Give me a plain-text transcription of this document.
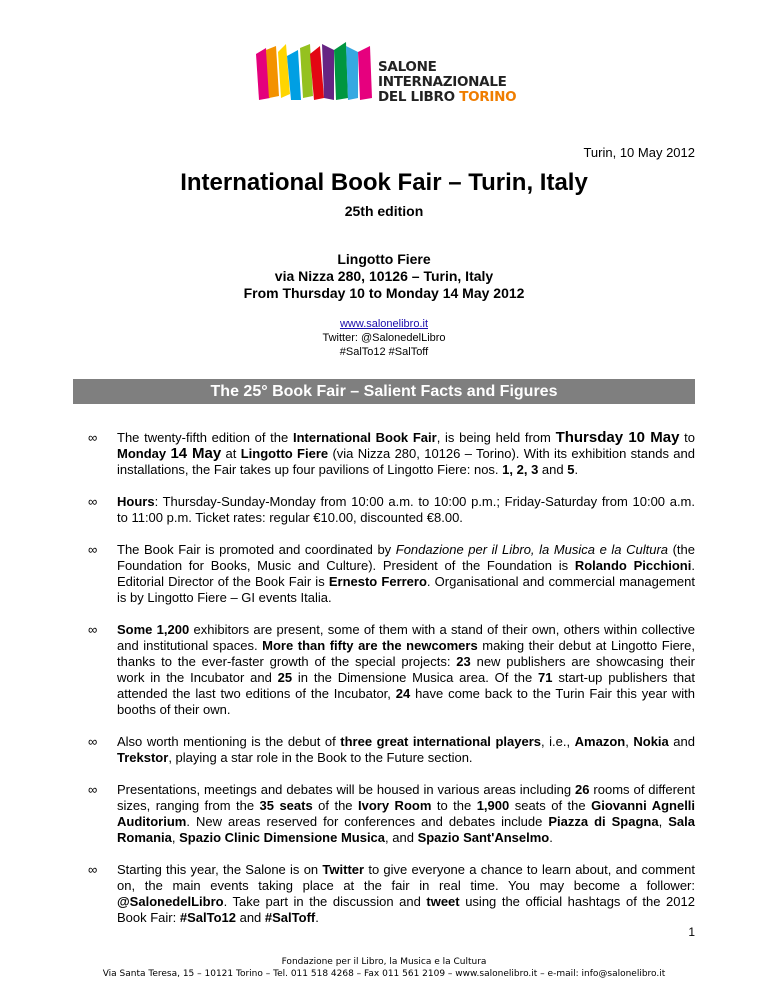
SALONE
INTERNAZIONALE
DEL LIBRO TORINO
Turin, 10 May 2012
International Book Fair – Turin, Italy
25th edition
Lingotto Fiere
via Nizza 280, 10126 – Turin, Italy
From Thursday 10 to Monday 14 May 2012
www.salonelibro.it
Twitter: @SalonedelLibro
#SalTo12 #SalToff
The 25° Book Fair – Salient Facts and Figures
∞ The twenty-fifth edition of the International Book Fair, is being held from Thursday 10 May to Monday 14 May at Lingotto Fiere (via Nizza 280, 10126 – Torino). With its exhibition stands and installations, the Fair takes up four pavilions of Lingotto Fiere: nos. 1, 2, 3 and 5.
∞ Hours: Thursday-Sunday-Monday from 10:00 a.m. to 10:00 p.m.; Friday-Saturday from 10:00 a.m. to 11:00 p.m. Ticket rates: regular €10.00, discounted €8.00.
∞ The Book Fair is promoted and coordinated by Fondazione per il Libro, la Musica e la Cultura (the Foundation for Books, Music and Culture). President of the Foundation is Rolando Picchioni. Editorial Director of the Book Fair is Ernesto Ferrero. Organisational and commercial management is by Lingotto Fiere – GI events Italia.
∞ Some 1,200 exhibitors are present, some of them with a stand of their own, others within collective and institutional spaces. More than fifty are the newcomers making their debut at Lingotto Fiere, thanks to the ever-faster growth of the special projects: 23 new publishers are showcasing their work in the Incubator and 25 in the Dimensione Musica area. Of the 71 start-up publishers that attended the last two editions of the Incubator, 24 have come back to the Turin Fair this year with booths of their own.
∞ Also worth mentioning is the debut of three great international players, i.e., Amazon, Nokia and Trekstor, playing a star role in the Book to the Future section.
∞ Presentations, meetings and debates will be housed in various areas including 26 rooms of different sizes, ranging from the 35 seats of the Ivory Room to the 1,900 seats of the Giovanni Agnelli Auditorium. New areas reserved for conferences and debates include Piazza di Spagna, Sala Romania, Spazio Clinic Dimensione Musica, and Spazio Sant'Anselmo.
∞ Starting this year, the Salone is on Twitter to give everyone a chance to learn about, and comment on, the main events taking place at the fair in real time. You may become a follower: @SalonedelLibro. Take part in the discussion and tweet using the official hashtags of the 2012 Book Fair: #SalTo12 and #SalToff.
1
Fondazione per il Libro, la Musica e la Cultura
Via Santa Teresa, 15 – 10121 Torino – Tel. 011 518 4268 – Fax 011 561 2109 – www.salonelibro.it – e-mail: info@salonelibro.it
